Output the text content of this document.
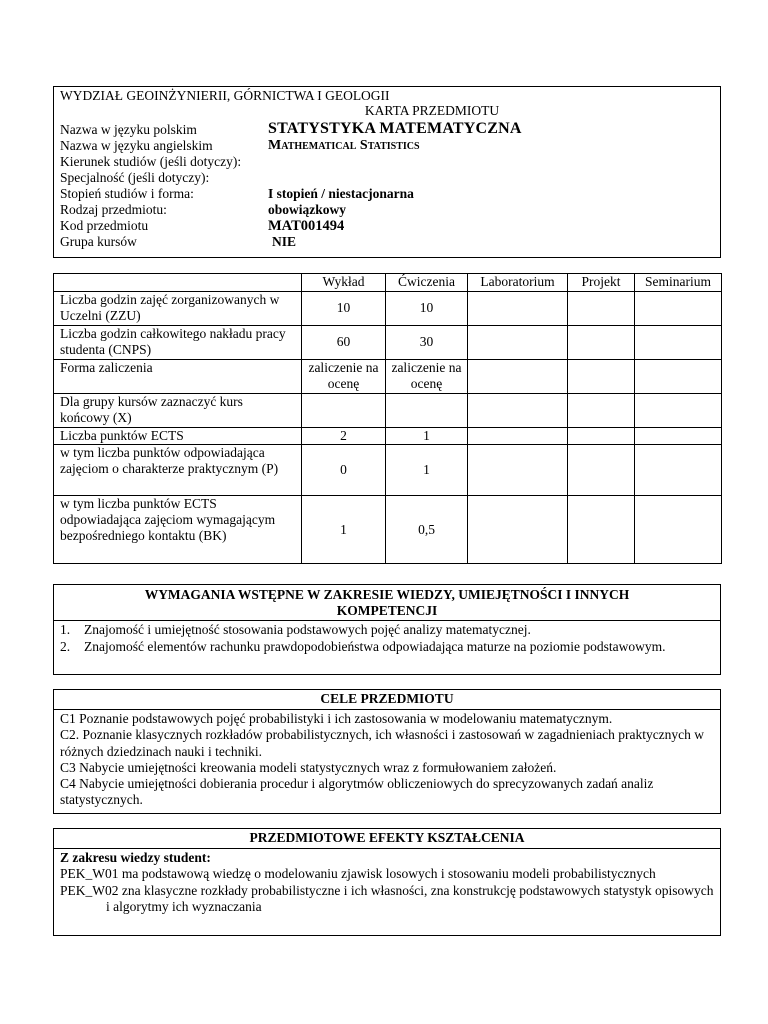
WYDZIAŁ GEOINŻYNIERII, GÓRNICTWA I GEOLOGII
KARTA PRZEDMIOTU
Nazwa w języku polskim	STATYSTYKA MATEMATYCZNA
Nazwa w języku angielskim	Mathematical Statistics
Kierunek studiów (jeśli dotyczy):
Specjalność (jeśli dotyczy):
Stopień studiów i forma:	I stopień / niestacjonarna
Rodzaj przedmiotu:	obowiązkowy
Kod przedmiotu	MAT001494
Grupa kursów	NIE
	Wykład	Ćwiczenia	Laboratorium	Projekt	Seminarium
Liczba godzin zajęć zorganizowanych w Uczelni (ZZU)	10	10			
Liczba godzin całkowitego nakładu pracy studenta (CNPS)	60	30			
Forma zaliczenia	zaliczenie na ocenę	zaliczenie na ocenę			
Dla grupy kursów zaznaczyć kurs końcowy (X)					
Liczba punktów ECTS	2	1			
w tym liczba punktów odpowiadająca zajęciom o charakterze praktycznym (P)	0	1			
w tym liczba punktów ECTS odpowiadająca zajęciom wymagającym bezpośredniego kontaktu (BK)	1	0,5			
WYMAGANIA WSTĘPNE W ZAKRESIE WIEDZY, UMIEJĘTNOŚCI I INNYCH KOMPETENCJI
1.	Znajomość i umiejętność stosowania podstawowych pojęć analizy matematycznej.
2.	Znajomość elementów rachunku prawdopodobieństwa odpowiadająca maturze na poziomie podstawowym.
CELE PRZEDMIOTU

C1 Poznanie podstawowych pojęć probabilistyki i ich zastosowania w modelowaniu matematycznym.

C2. Poznanie klasycznych rozkładów probabilistycznych, ich własności i zastosowań w zagadnieniach praktycznych w różnych dziedzinach nauki i techniki.

C3 Nabycie umiejętności kreowania modeli statystycznych wraz z formułowaniem założeń.

C4 Nabycie umiejętności dobierania procedur i algorytmów obliczeniowych do sprecyzowanych zadań analiz statystycznych.

PRZEDMIOTOWE EFEKTY KSZTAŁCENIA
Z zakresu wiedzy student:
PEK_W01 ma podstawową wiedzę o modelowaniu zjawisk losowych i stosowaniu modeli probabilistycznych
PEK_W02 zna klasyczne rozkłady probabilistyczne i ich własności, zna konstrukcję podstawowych statystyk opisowych i algorytmy ich wyznaczania
